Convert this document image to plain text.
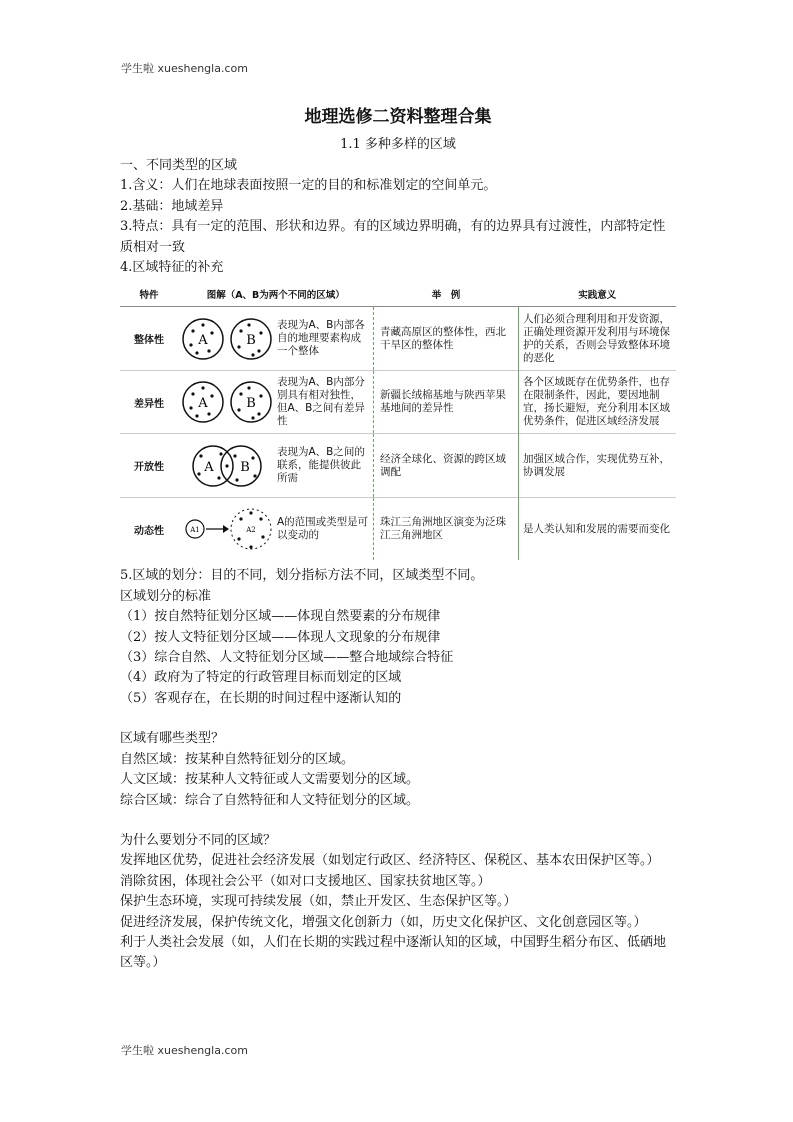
学生啦 xueshengla.com
地理选修二资料整理合集
1.1 多种多样的区域

一、不同类型的区域

1.含义：人们在地球表面按照一定的目的和标准划定的空间单元。

2.基础：地域差异

3.特点：具有一定的范围、形状和边界。有的区域边界明确，有的边界具有过渡性，内部特定性质相对一致

4.区域特征的补充

特件	图解（A、B为两个不同的区域）		举　例	实践意义
整体性	A B	表现为A、B内部各自的地理要素构成一个整体	青藏高原区的整体性，西北干旱区的整体性	人们必须合理利用和开发资源，正确处理资源开发利用与环境保护的关系，否则会导致整体环境的恶化
差异性	A B	表现为A、B内部分别具有相对独性，但A、B之间有差异性	新疆长绒棉基地与陕西苹果基地间的差异性	各个区域既存在优势条件，也存在限制条件，因此，要因地制宜，扬长避短，充分利用本区域优势条件，促进区域经济发展
开放性	A B	表现为A、B之间的联系，能提供彼此所需	经济全球化、资源的跨区域调配	加强区域合作，实现优势互补，协调发展
动态性	A1 A2	A的范围或类型是可以变动的	珠江三角洲地区演变为泛珠江三角洲地区	是人类认知和发展的需要而变化

5.区域的划分：目的不同，划分指标方法不同，区域类型不同。

区域划分的标准

（1）按自然特征划分区域——体现自然要素的分布规律

（2）按人文特征划分区域——体现人文现象的分布规律

（3）综合自然、人文特征划分区域——整合地域综合特征

（4）政府为了特定的行政管理目标而划定的区域

（5）客观存在，在长期的时间过程中逐渐认知的

区域有哪些类型？

自然区域：按某种自然特征划分的区域。

人文区域：按某种人文特征或人文需要划分的区域。

综合区域：综合了自然特征和人文特征划分的区域。

为什么要划分不同的区域？

发挥地区优势，促进社会经济发展（如划定行政区、经济特区、保税区、基本农田保护区等。）

消除贫困，体现社会公平（如对口支援地区、国家扶贫地区等。）

保护生态环境，实现可持续发展（如，禁止开发区、生态保护区等。）

促进经济发展，保护传统文化，增强文化创新力（如，历史文化保护区、文化创意园区等。）

利于人类社会发展（如，人们在长期的实践过程中逐渐认知的区域，中国野生稻分布区、低硒地区等。）

学生啦 xueshengla.com
